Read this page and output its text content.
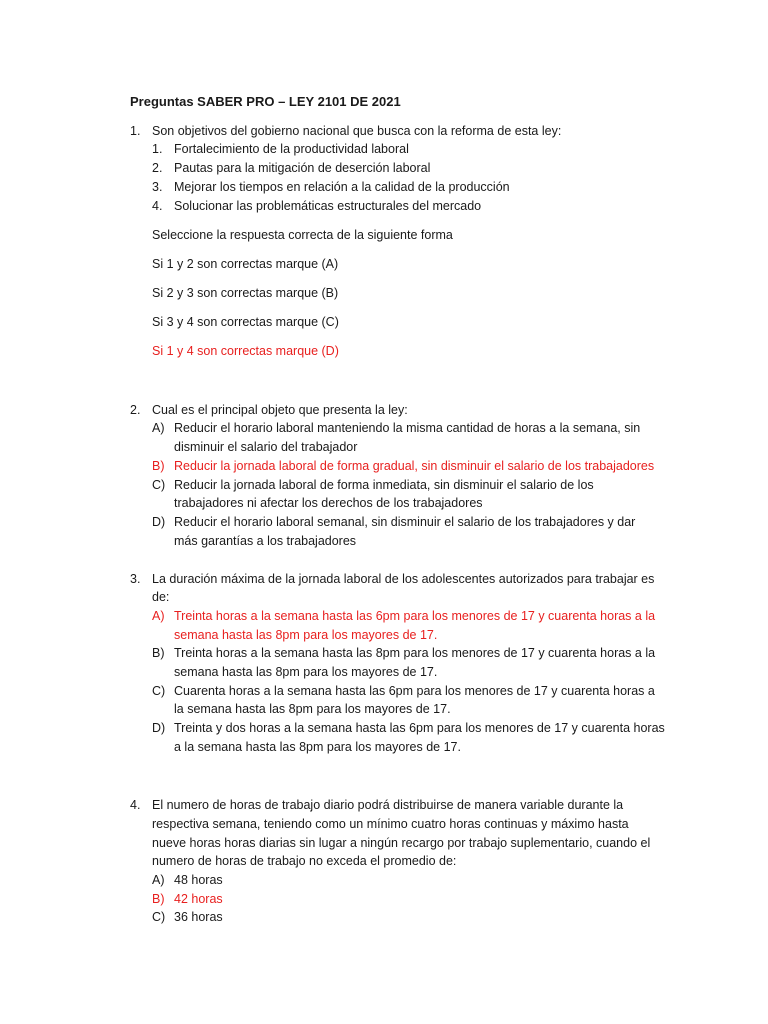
Preguntas SABER PRO – LEY 2101 DE 2021
1. Son objetivos del gobierno nacional que busca con la reforma de esta ley:
1. Fortalecimiento de la productividad laboral
2. Pautas para la mitigación de deserción laboral
3. Mejorar los tiempos en relación a la calidad de la producción
4. Solucionar las problemáticas estructurales del mercado
Seleccione la respuesta correcta de la siguiente forma
Si 1 y 2 son correctas marque (A)
Si 2 y 3 son correctas marque (B)
Si 3 y 4 son correctas marque (C)
Si 1 y 4 son correctas marque (D)
2. Cual es el principal objeto que presenta la ley:
A) Reducir el horario laboral manteniendo la misma cantidad de horas a la semana, sin
disminuir el salario del trabajador
B) Reducir la jornada laboral de forma gradual, sin disminuir el salario de los trabajadores
C) Reducir la jornada laboral de forma inmediata, sin disminuir el salario de los
trabajadores ni afectar los derechos de los trabajadores
D) Reducir el horario laboral semanal, sin disminuir el salario de los trabajadores y dar
más garantías a los trabajadores
3. La duración máxima de la jornada laboral de los adolescentes autorizados para trabajar es
de:
A) Treinta horas a la semana hasta las 6pm para los menores de 17 y cuarenta horas a la
semana hasta las 8pm para los mayores de 17.
B) Treinta horas a la semana hasta las 8pm para los menores de 17 y cuarenta horas a la
semana hasta las 8pm para los mayores de 17.
C) Cuarenta horas a la semana hasta las 6pm para los menores de 17 y cuarenta horas a
la semana hasta las 8pm para los mayores de 17.
D) Treinta y dos horas a la semana hasta las 6pm para los menores de 17 y cuarenta horas
a la semana hasta las 8pm para los mayores de 17.
4. El numero de horas de trabajo diario podrá distribuirse de manera variable durante la
respectiva semana, teniendo como un mínimo cuatro horas continuas y máximo hasta
nueve horas horas diarias sin lugar a ningún recargo por trabajo suplementario, cuando el
numero de horas de trabajo no exceda el promedio de:
A) 48 horas
B) 42 horas
C) 36 horas
